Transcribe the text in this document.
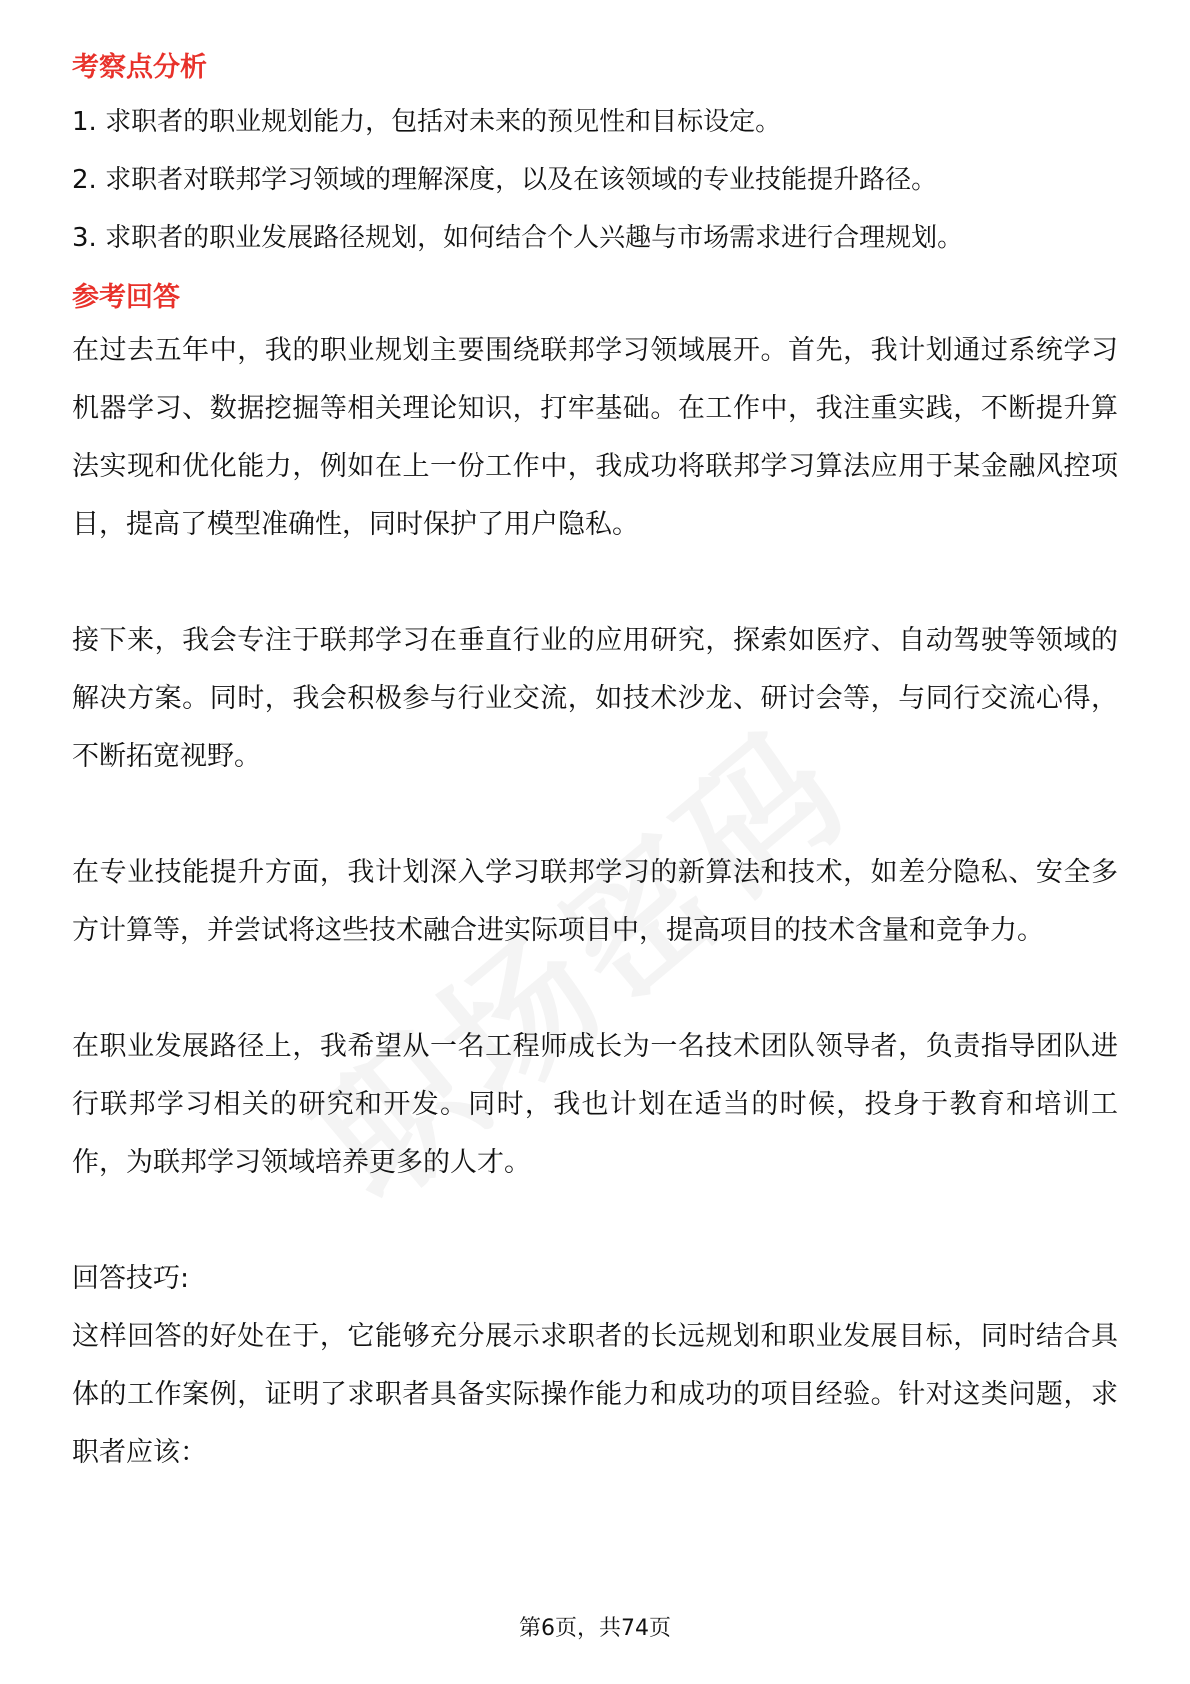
考察点分析
1. 求职者的职业规划能力，包括对未来的预见性和目标设定。
2. 求职者对联邦学习领域的理解深度，以及在该领域的专业技能提升路径。
3. 求职者的职业发展路径规划，如何结合个人兴趣与市场需求进行合理规划。
参考回答

在过去五年中，我的职业规划主要围绕联邦学习领域展开。首先，我计划通过系统学习机器学习、数据挖掘等相关理论知识，打牢基础。在工作中，我注重实践，不断提升算法实现和优化能力，例如在上一份工作中，我成功将联邦学习算法应用于某金融风控项目，提高了模型准确性，同时保护了用户隐私。

接下来，我会专注于联邦学习在垂直行业的应用研究，探索如医疗、自动驾驶等领域的解决方案。同时，我会积极参与行业交流，如技术沙龙、研讨会等，与同行交流心得，不断拓宽视野。

在专业技能提升方面，我计划深入学习联邦学习的新算法和技术，如差分隐私、安全多方计算等，并尝试将这些技术融合进实际项目中，提高项目的技术含量和竞争力。

在职业发展路径上，我希望从一名工程师成长为一名技术团队领导者，负责指导团队进行联邦学习相关的研究和开发。同时，我也计划在适当的时候，投身于教育和培训工作，为联邦学习领域培养更多的人才。

回答技巧:

这样回答的好处在于，它能够充分展示求职者的长远规划和职业发展目标，同时结合具体的工作案例，证明了求职者具备实际操作能力和成功的项目经验。针对这类问题，求职者应该：

第6页，共74页
